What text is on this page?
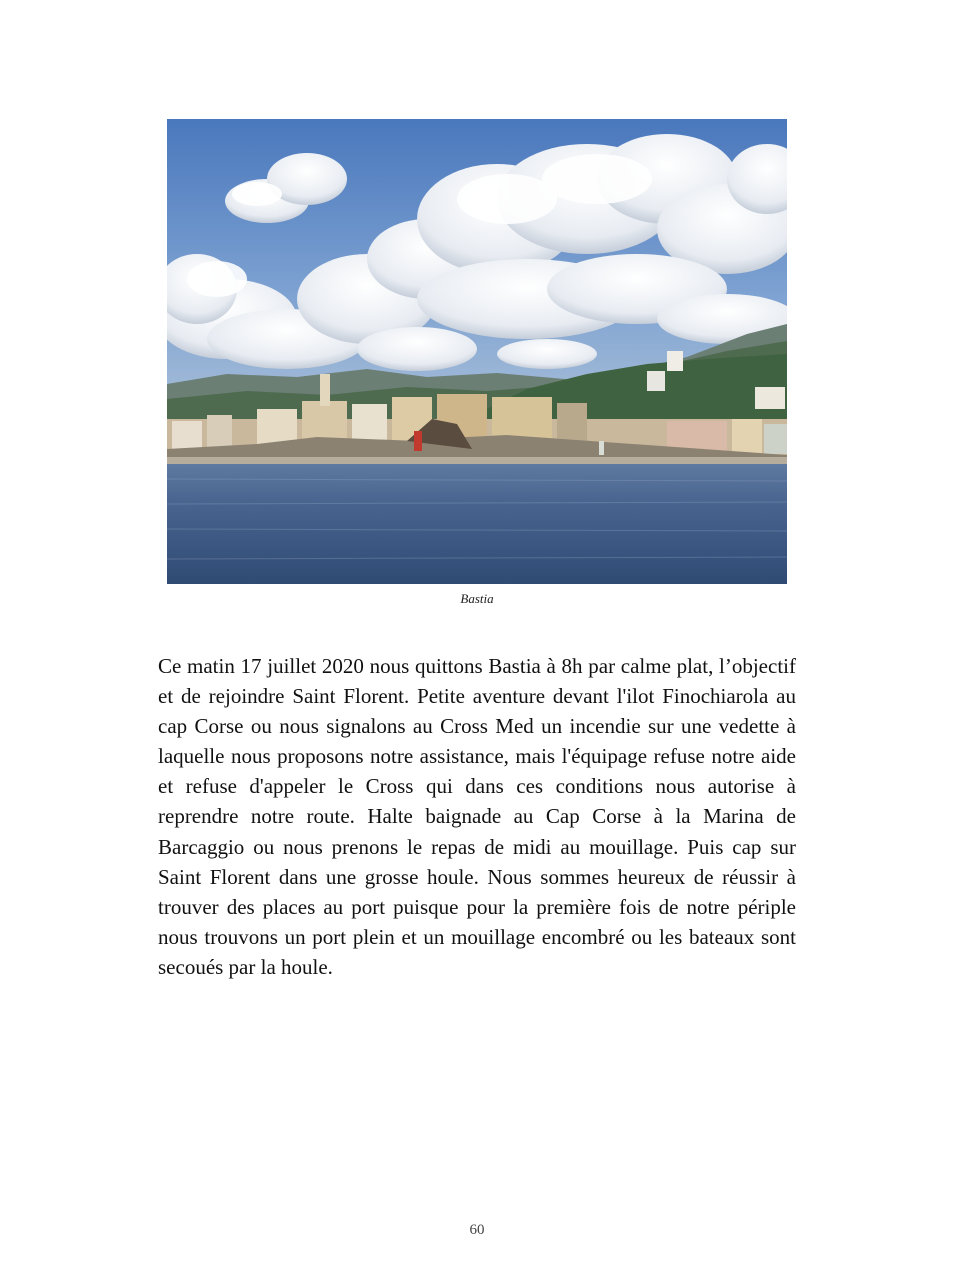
Bastia

Ce matin 17 juillet 2020 nous quittons Bastia à 8h par calme plat, l’objectif et de rejoindre Saint Florent. Petite aventure devant l'ilot Finochiarola au cap Corse ou nous signalons au Cross Med un incendie sur une vedette à laquelle nous proposons notre assistance, mais l'équipage refuse notre aide et refuse d'appeler le Cross qui dans ces conditions nous autorise à reprendre notre route. Halte baignade au Cap Corse à la Marina de Barcaggio ou nous prenons le repas de midi au mouillage. Puis cap sur Saint Florent dans une grosse houle. Nous sommes heureux de réussir à trouver des places au port puisque pour la première fois de notre périple nous trouvons un port plein et un mouillage encombré ou les bateaux sont secoués par la houle.

60
